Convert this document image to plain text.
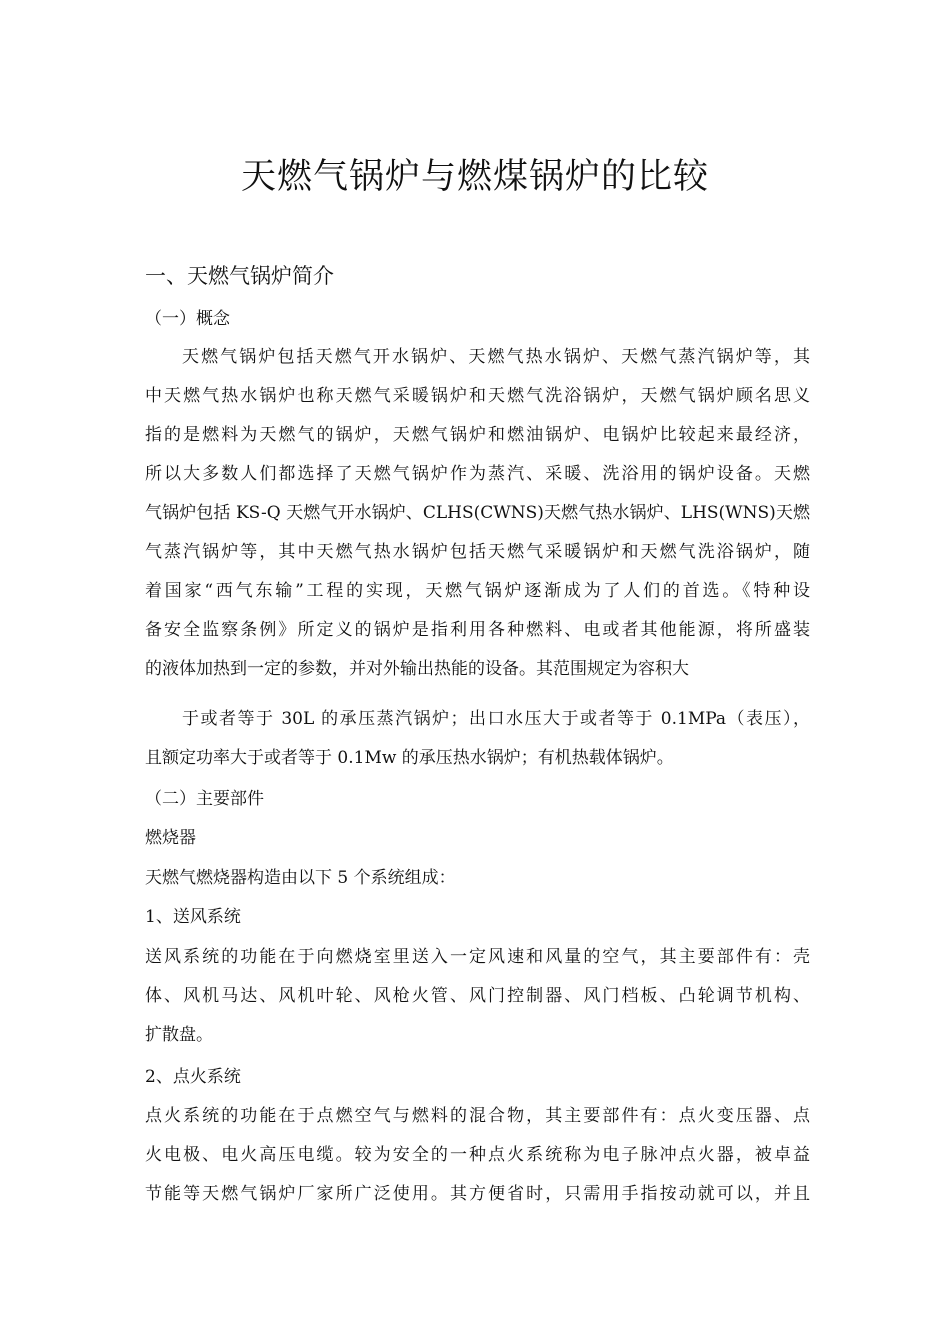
天燃气锅炉与燃煤锅炉的比较
一、天燃气锅炉简介
（一）概念
天燃气锅炉包括天燃气开水锅炉、天燃气热水锅炉、天燃气蒸汽锅炉等，其
中天燃气热水锅炉也称天燃气采暖锅炉和天燃气洗浴锅炉，天燃气锅炉顾名思义
指的是燃料为天燃气的锅炉，天燃气锅炉和燃油锅炉、电锅炉比较起来最经济，
所以大多数人们都选择了天燃气锅炉作为蒸汽、采暖、洗浴用的锅炉设备。天燃
气锅炉包括 KS-Q 天燃气开水锅炉、CLHS(CWNS)天燃气热水锅炉、LHS(WNS)天燃
气蒸汽锅炉等，其中天燃气热水锅炉包括天燃气采暖锅炉和天燃气洗浴锅炉，随
着国家“西气东输”工程的实现，天燃气锅炉逐渐成为了人们的首选。《特种设
备安全监察条例》所定义的锅炉是指利用各种燃料、电或者其他能源，将所盛装
的液体加热到一定的参数，并对外输出热能的设备。其范围规定为容积大
于或者等于 30L 的承压蒸汽锅炉；出口水压大于或者等于 0.1MPa（表压），
且额定功率大于或者等于 0.1Mw 的承压热水锅炉；有机热载体锅炉。
（二）主要部件
燃烧器
天燃气燃烧器构造由以下 5 个系统组成：
1、送风系统
送风系统的功能在于向燃烧室里送入一定风速和风量的空气，其主要部件有：壳
体、风机马达、风机叶轮、风枪火管、风门控制器、风门档板、凸轮调节机构、
扩散盘。
2、点火系统
点火系统的功能在于点燃空气与燃料的混合物，其主要部件有：点火变压器、点
火电极、电火高压电缆。较为安全的一种点火系统称为电子脉冲点火器，被卓益
节能等天燃气锅炉厂家所广泛使用。其方便省时，只需用手指按动就可以，并且
